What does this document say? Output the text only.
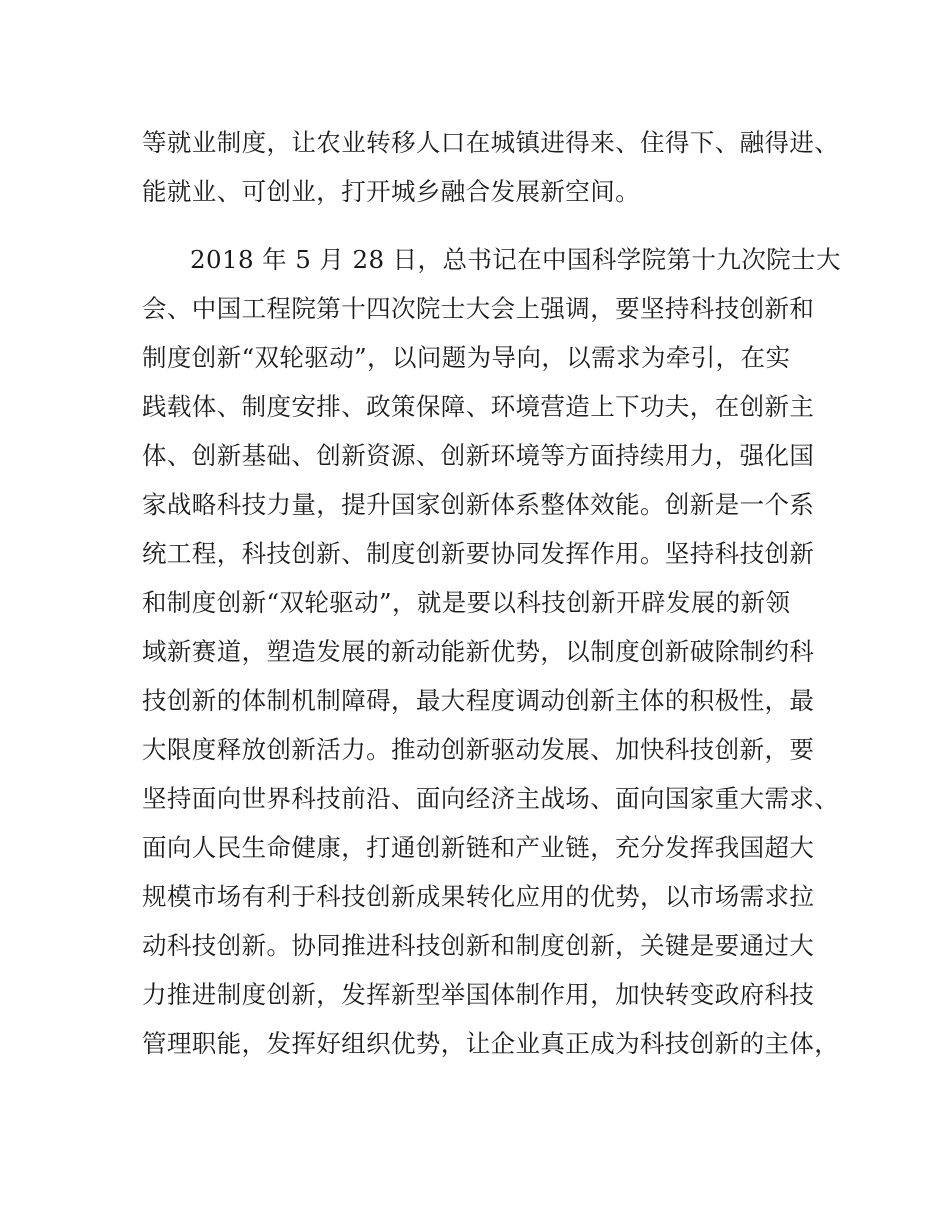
等就业制度，让农业转移人口在城镇进得来、住得下、融得进、
能就业、可创业，打开城乡融合发展新空间。
2018 年 5 月 28 日，总书记在中国科学院第十九次院士大
会、中国工程院第十四次院士大会上强调，要坚持科技创新和
制度创新“双轮驱动”，以问题为导向，以需求为牵引，在实
践载体、制度安排、政策保障、环境营造上下功夫，在创新主
体、创新基础、创新资源、创新环境等方面持续用力，强化国
家战略科技力量，提升国家创新体系整体效能。创新是一个系
统工程，科技创新、制度创新要协同发挥作用。坚持科技创新
和制度创新“双轮驱动”，就是要以科技创新开辟发展的新领
域新赛道，塑造发展的新动能新优势，以制度创新破除制约科
技创新的体制机制障碍，最大程度调动创新主体的积极性，最
大限度释放创新活力。推动创新驱动发展、加快科技创新，要
坚持面向世界科技前沿、面向经济主战场、面向国家重大需求、
面向人民生命健康，打通创新链和产业链，充分发挥我国超大
规模市场有利于科技创新成果转化应用的优势，以市场需求拉
动科技创新。协同推进科技创新和制度创新，关键是要通过大
力推进制度创新，发挥新型举国体制作用，加快转变政府科技
管理职能，发挥好组织优势，让企业真正成为科技创新的主体，
